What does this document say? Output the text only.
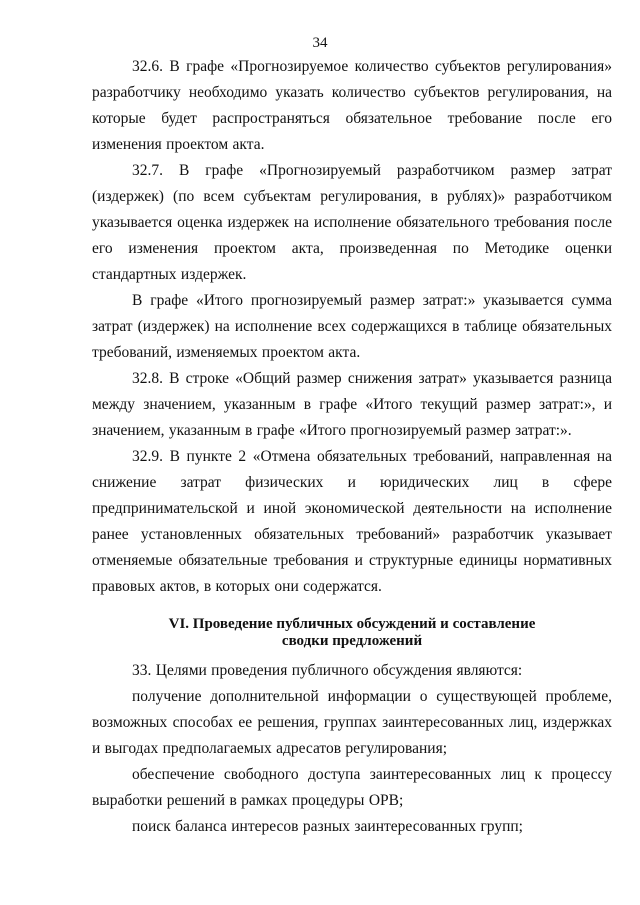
34

32.6. В графе «Прогнозируемое количество субъектов регулирования» разработчику необходимо указать количество субъектов регулирования, на которые будет распространяться обязательное требование после его изменения проектом акта.

32.7. В графе «Прогнозируемый разработчиком размер затрат (издержек) (по всем субъектам регулирования, в рублях)» разработчиком указывается оценка издержек на исполнение обязательного требования после его изменения проектом акта, произведенная по Методике оценки стандартных издержек.

В графе «Итого прогнозируемый размер затрат:» указывается сумма затрат (издержек) на исполнение всех содержащихся в таблице обязательных требований, изменяемых проектом акта.

32.8. В строке «Общий размер снижения затрат» указывается разница между значением, указанным в графе «Итого текущий размер затрат:», и значением, указанным в графе «Итого прогнозируемый размер затрат:».

32.9. В пункте 2 «Отмена обязательных требований, направленная на снижение затрат физических и юридических лиц в сфере предпринимательской и иной экономической деятельности на исполнение ранее установленных обязательных требований» разработчик указывает отменяемые обязательные требования и структурные единицы нормативных правовых актов, в которых они содержатся.

VI. Проведение публичных обсуждений и составление
сводки предложений

33. Целями проведения публичного обсуждения являются:

получение дополнительной информации о существующей проблеме, возможных способах ее решения, группах заинтересованных лиц, издержках и выгодах предполагаемых адресатов регулирования;

обеспечение свободного доступа заинтересованных лиц к процессу выработки решений в рамках процедуры ОРВ;

поиск баланса интересов разных заинтересованных групп;
